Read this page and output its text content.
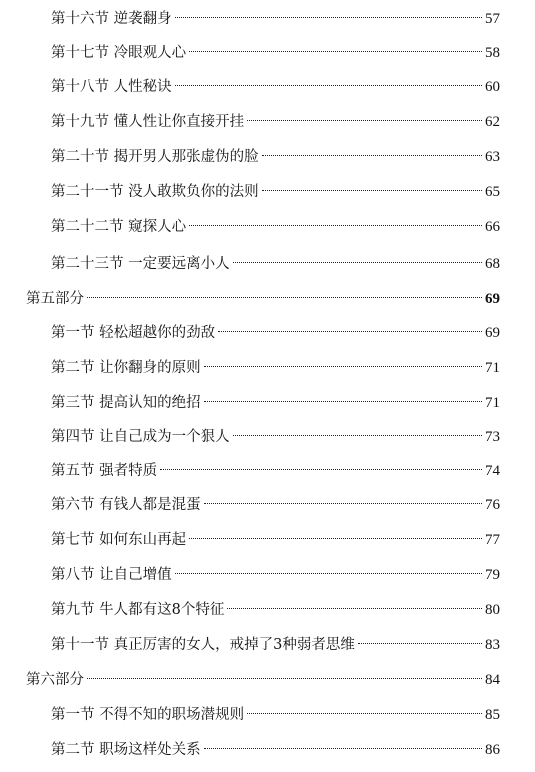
第十六节 逆袭翻身	57
第十七节 冷眼观人心	58
第十八节 人性秘诀	60
第十九节 懂人性让你直接开挂	62
第二十节 揭开男人那张虚伪的脸	63
第二十一节 没人敢欺负你的法则	65
第二十二节 窥探人心	66
第二十三节 一定要远离小人	68
第五部分	69
第一节 轻松超越你的劲敌	69
第二节 让你翻身的原则	71
第三节 提高认知的绝招	71
第四节 让自己成为一个狠人	73
第五节 强者特质	74
第六节 有钱人都是混蛋	76
第七节 如何东山再起	77
第八节 让自己增值	79
第九节 牛人都有这8个特征	80
第十一节 真正厉害的女人，戒掉了3种弱者思维	83
第六部分	84
第一节 不得不知的职场潜规则	85
第二节 职场这样处关系	86
